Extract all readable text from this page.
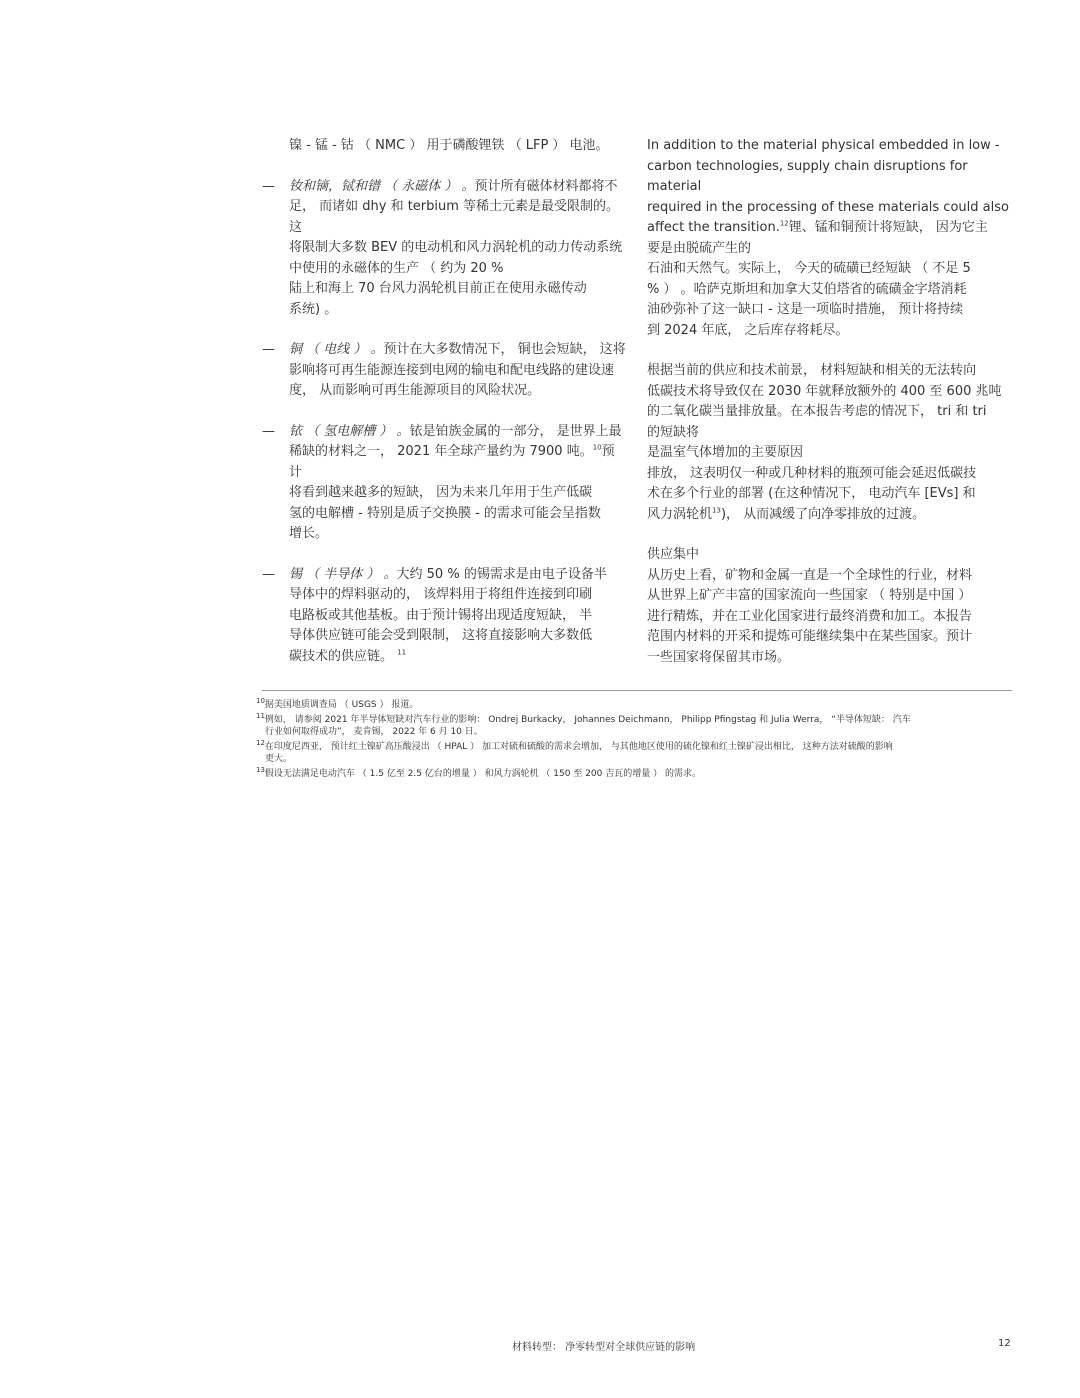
镍 - 锰 - 钴 （ NMC ） 用于磷酸锂铁 （ LFP ） 电池。

— 钕和镝，铽和镨 （ 永磁体 ） 。预计所有磁体材料都将不
足， 而诸如 dhy 和 terbium 等稀土元素是最受限制的。这
将限制大多数 BEV 的电动机和风力涡轮机的动力传动系统
中使用的永磁体的生产 （ 约为 20 %
陆上和海上 70 台风力涡轮机目前正在使用永磁传动
系统) 。
— 铜 （ 电线 ） 。预计在大多数情况下， 铜也会短缺， 这将
影响将可再生能源连接到电网的输电和配电线路的建设速
度， 从而影响可再生能源项目的风险状况。
— 铱 （ 氢电解槽 ） 。铱是铂族金属的一部分， 是世界上最
稀缺的材料之一， 2021 年全球产量约为 7900 吨。$^{10}$预计
将看到越来越多的短缺， 因为未来几年用于生产低碳
氢的电解槽 - 特别是质子交换膜 - 的需求可能会呈指数
增长。
— 锡 （ 半导体 ） 。大约 50 % 的锡需求是由电子设备半
导体中的焊料驱动的， 该焊料用于将组件连接到印刷
电路板或其他基板。由于预计锡将出现适度短缺， 半
导体供应链可能会受到限制， 这将直接影响大多数低
碳技术的供应链。 $^{11}$
In addition to the material physical embedded in low -
carbon technologies, supply chain disruptions for material
required in the processing of these materials could also
affect the transition.$^{12}$锂、锰和铜预计将短缺， 因为它主
要是由脱硫产生的
石油和天然气。实际上， 今天的硫磺已经短缺 （ 不足 5
% ） 。哈萨克斯坦和加拿大艾伯塔省的硫磺金字塔消耗
油砂弥补了这一缺口 - 这是一项临时措施， 预计将持续
到 2024 年底， 之后库存将耗尽。
根据当前的供应和技术前景， 材料短缺和相关的无法转向
低碳技术将导致仅在 2030 年就释放额外的 400 至 600 兆吨
的二氧化碳当量排放量。在本报告考虑的情况下， tri 和 tri
的短缺将
是温室气体增加的主要原因
排放， 这表明仅一种或几种材料的瓶颈可能会延迟低碳技
术在多个行业的部署 (在这种情况下， 电动汽车 [EVs] 和
风力涡轮机$^{13}$)， 从而减缓了向净零排放的过渡。
供应集中
从历史上看，矿物和金属一直是一个全球性的行业，材料
从世界上矿产丰富的国家流向一些国家 （ 特别是中国 ）
进行精炼，并在工业化国家进行最终消费和加工。本报告
范围内材料的开采和提炼可能继续集中在某些国家。预计
一些国家将保留其市场。

$^{10}$据美国地质调查局 （ USGS ） 报道。

$^{11}$例如， 请参阅 2021 年半导体短缺对汽车行业的影响： Ondrej Burkacky， Johannes Deichmann， Philipp Pfingstag 和 Julia Werra， “半导体短缺： 汽车
行业如何取得成功”， 麦肯锡， 2022 年 6 月 10 日。

$^{12}$在印度尼西亚， 预计红土镍矿高压酸浸出 （ HPAL ） 加工对硫和硫酸的需求会增加， 与其他地区使用的硫化镍和红土镍矿浸出相比， 这种方法对硫酸的影响
更大。

$^{13}$假设无法满足电动汽车 （ 1.5 亿至 2.5 亿台的增量 ） 和风力涡轮机 （ 150 至 200 吉瓦的增量 ） 的需求。

材料转型： 净零转型对全球供应链的影响	12
